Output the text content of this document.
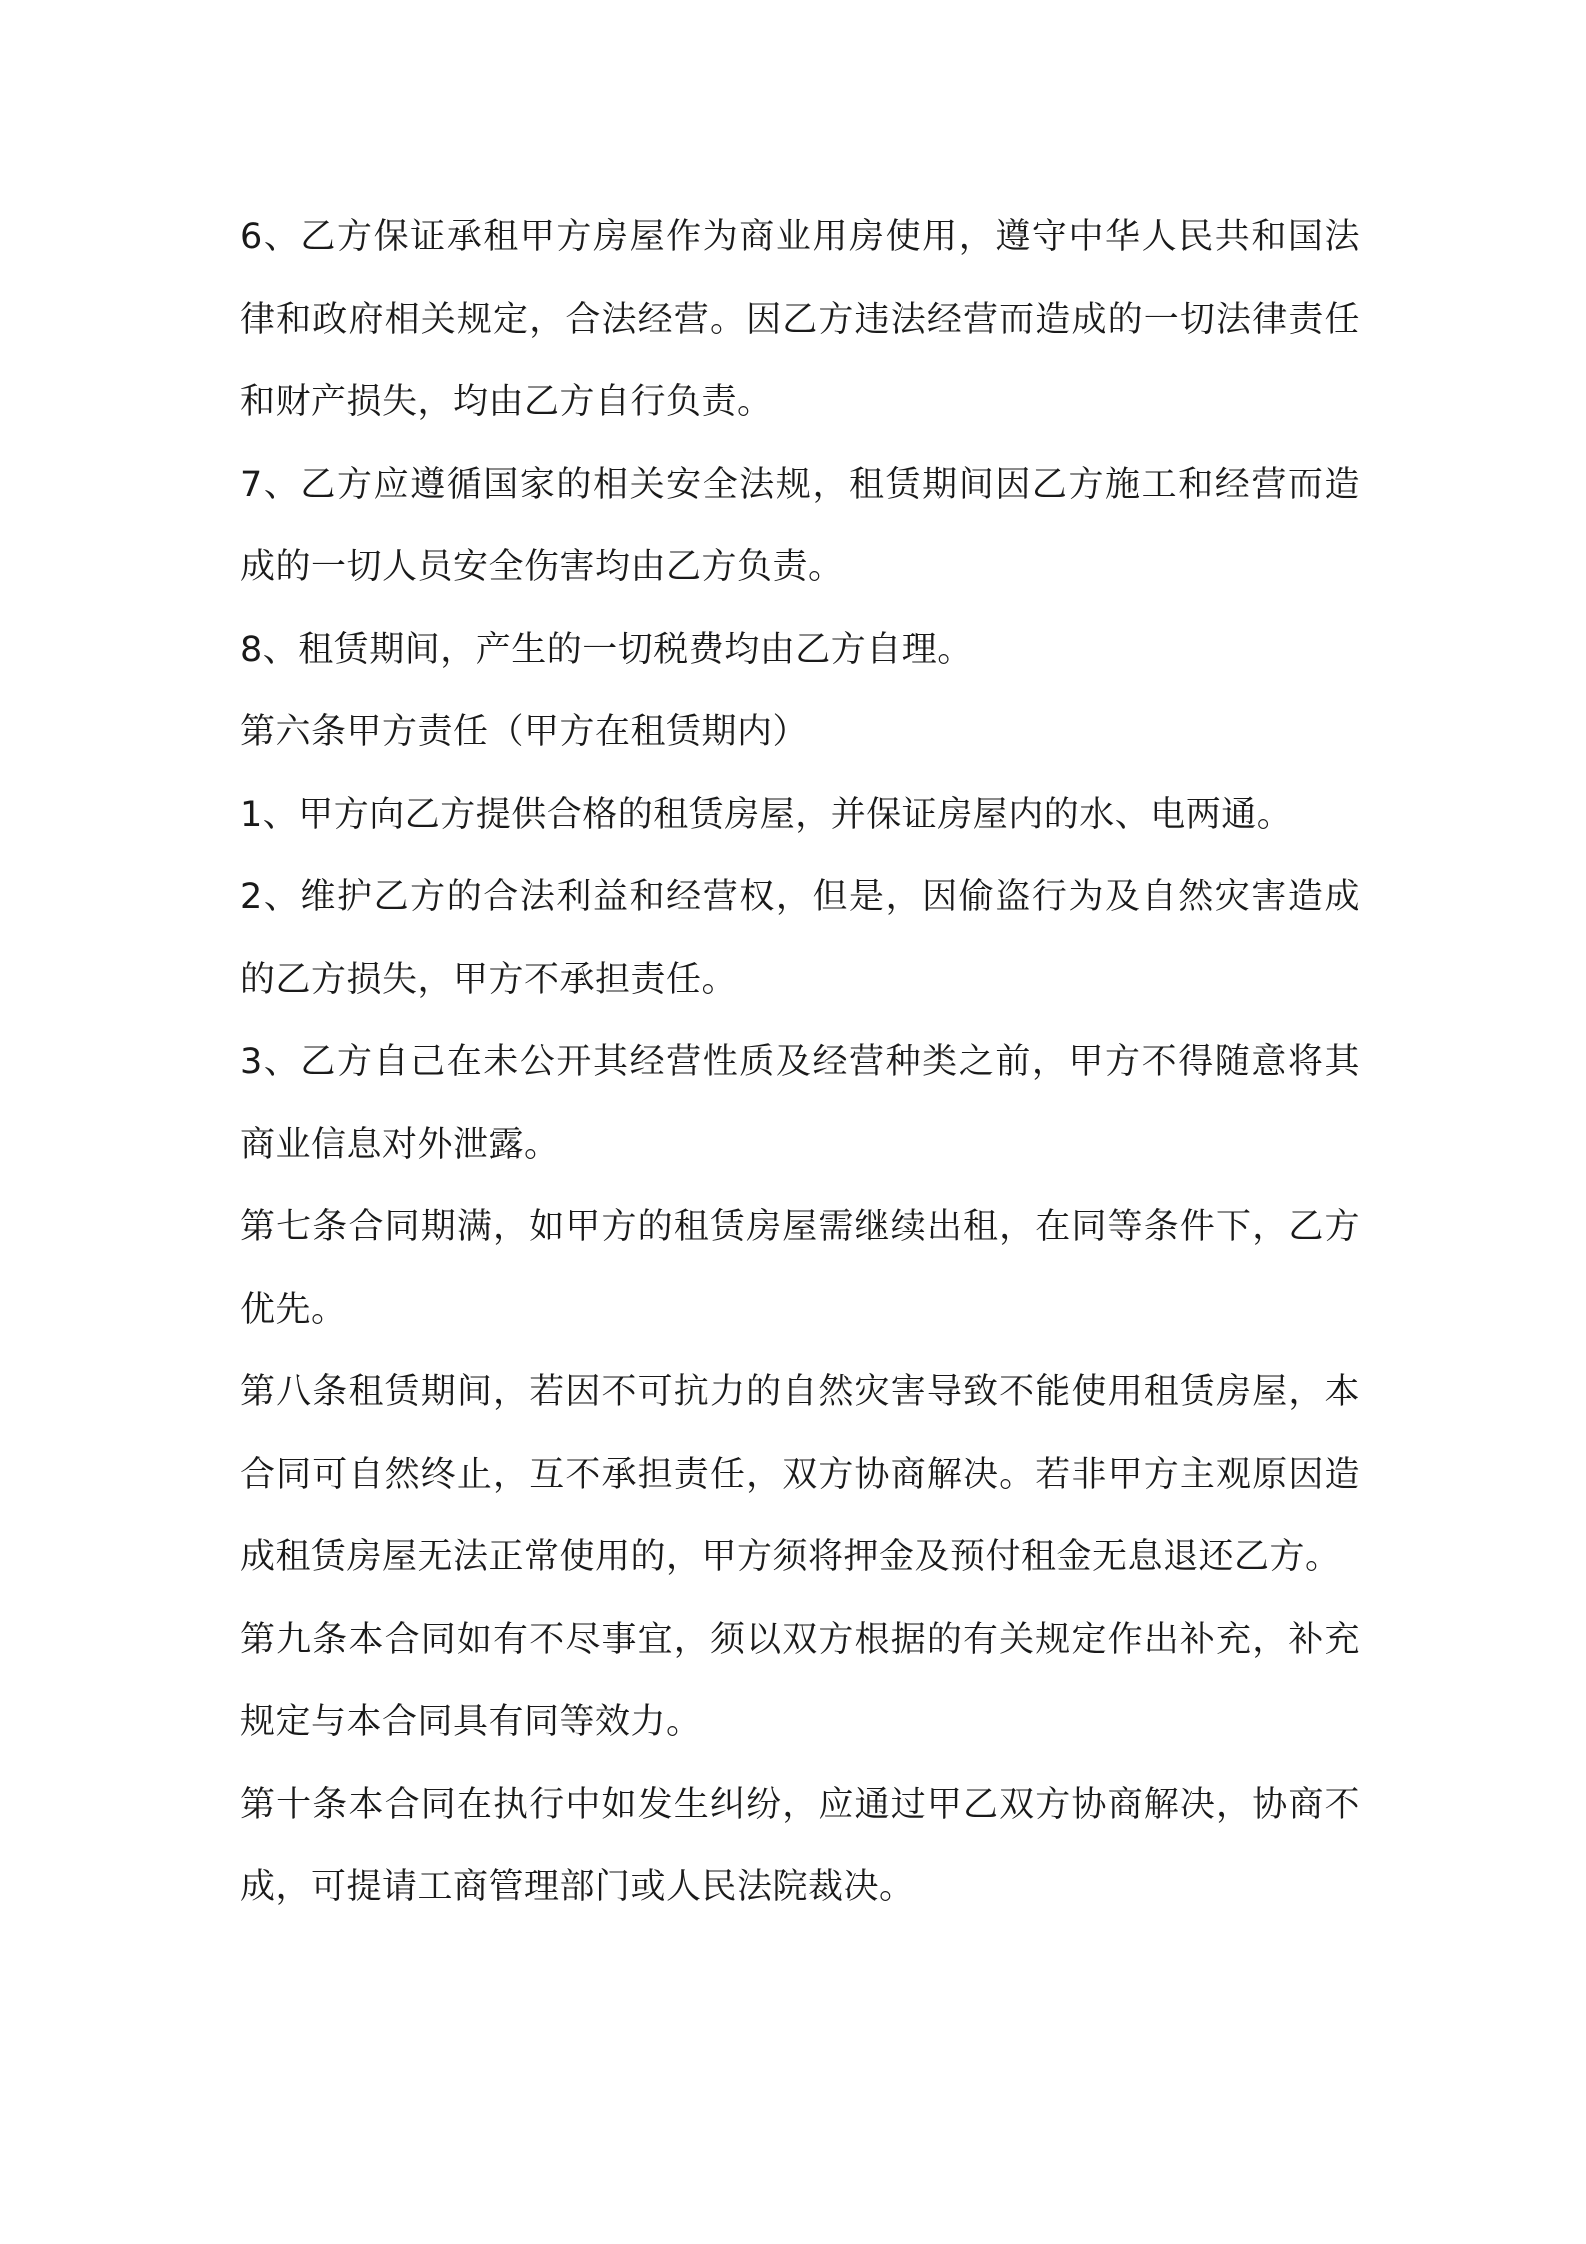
6、乙方保证承租甲方房屋作为商业用房使用，遵守中华人民共和国法律和政府相关规定，合法经营。因乙方违法经营而造成的一切法律责任和财产损失，均由乙方自行负责。

7、乙方应遵循国家的相关安全法规，租赁期间因乙方施工和经营而造成的一切人员安全伤害均由乙方负责。

8、租赁期间，产生的一切税费均由乙方自理。

第六条甲方责任（甲方在租赁期内）

1、甲方向乙方提供合格的租赁房屋，并保证房屋内的水、电两通。

2、维护乙方的合法利益和经营权，但是，因偷盗行为及自然灾害造成的乙方损失，甲方不承担责任。

3、乙方自己在未公开其经营性质及经营种类之前，甲方不得随意将其商业信息对外泄露。

第七条合同期满，如甲方的租赁房屋需继续出租，在同等条件下，乙方优先。

第八条租赁期间，若因不可抗力的自然灾害导致不能使用租赁房屋，本合同可自然终止，互不承担责任，双方协商解决。若非甲方主观原因造成租赁房屋无法正常使用的，甲方须将押金及预付租金无息退还乙方。

第九条本合同如有不尽事宜，须以双方根据的有关规定作出补充，补充规定与本合同具有同等效力。

第十条本合同在执行中如发生纠纷，应通过甲乙双方协商解决，协商不成，可提请工商管理部门或人民法院裁决。
